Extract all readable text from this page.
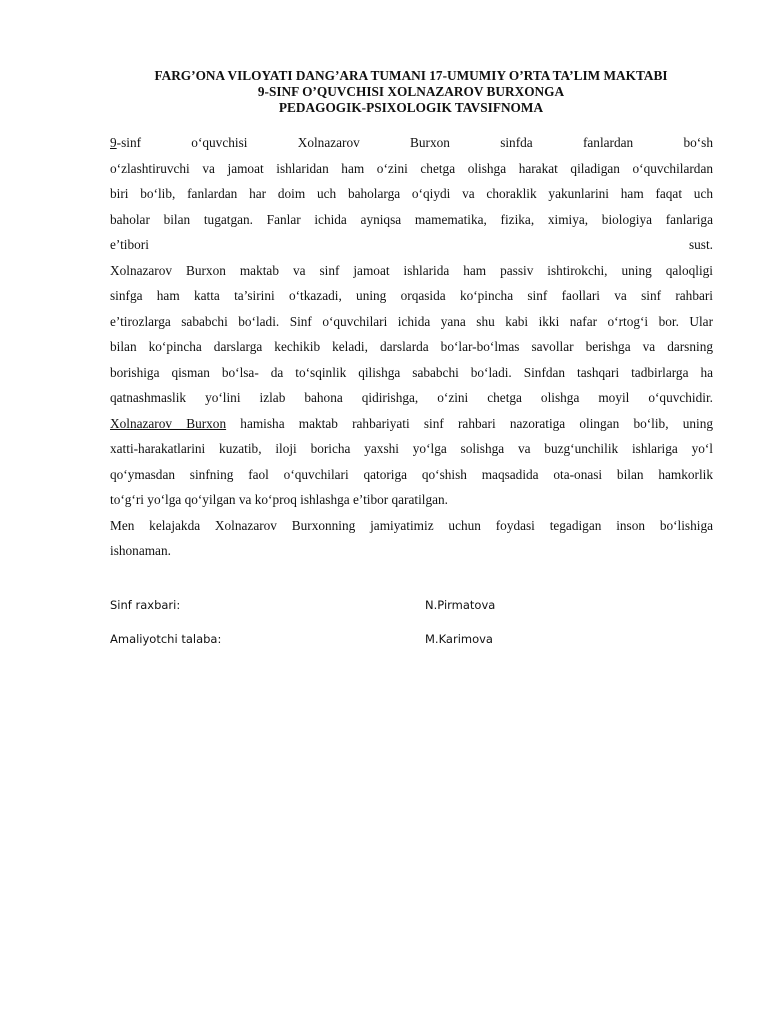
FARG’ONA VILOYATI DANG’ARA TUMANI 17-UMUMIY O’RTA TA’LIM MAKTABI
9-SINF O’QUVCHISI XOLNAZAROV BURXONGA
PEDAGOGIK-PSIXOLOGIK TAVSIFNOMA
9-sinf o‘quvchisi Xolnazarov Burxon sinfda fanlardan bo‘sh
o‘zlashtiruvchi va jamoat ishlaridan ham o‘zini chetga olishga harakat qiladigan o‘quvchilardan
biri bo‘lib, fanlardan har doim uch baholarga o‘qiydi va choraklik yakunlarini ham faqat uch
baholar bilan tugatgan. Fanlar ichida ayniqsa mamematika, fizika, ximiya, biologiya fanlariga
e’tibori sust.
Xolnazarov Burxon maktab va sinf jamoat ishlarida ham passiv ishtirokchi, uning qaloqligi
sinfga ham katta ta’sirini o‘tkazadi, uning orqasida ko‘pincha sinf faollari va sinf rahbari
e’tirozlarga sababchi bo‘ladi. Sinf o‘quvchilari ichida yana shu kabi ikki nafar o‘rtog‘i bor. Ular
bilan ko‘pincha darslarga kechikib keladi, darslarda bo‘lar-bo‘lmas savollar berishga va darsning
borishiga qisman bo‘lsa- da to‘sqinlik qilishga sababchi bo‘ladi. Sinfdan tashqari tadbirlarga ha
qatnashmaslik yo‘lini izlab bahona qidirishga, o‘zini chetga olishga moyil o‘quvchidir.
Xolnazarov Burxon hamisha maktab rahbariyati sinf rahbari nazoratiga olingan bo‘lib, uning
xatti-harakatlarini kuzatib, iloji boricha yaxshi yo‘lga solishga va buzg‘unchilik ishlariga yo‘l
qo‘ymasdan sinfning faol o‘quvchilari qatoriga qo‘shish maqsadida ota-onasi bilan hamkorlik
to‘g‘ri yo‘lga qo‘yilgan va ko‘proq ishlashga e’tibor qaratilgan.
Men kelajakda Xolnazarov Burxonning jamiyatimiz uchun foydasi tegadigan inson bo‘lishiga
ishonaman.
Sinf raxbari:	N.Pirmatova
Amaliyotchi talaba:	M.Karimova
